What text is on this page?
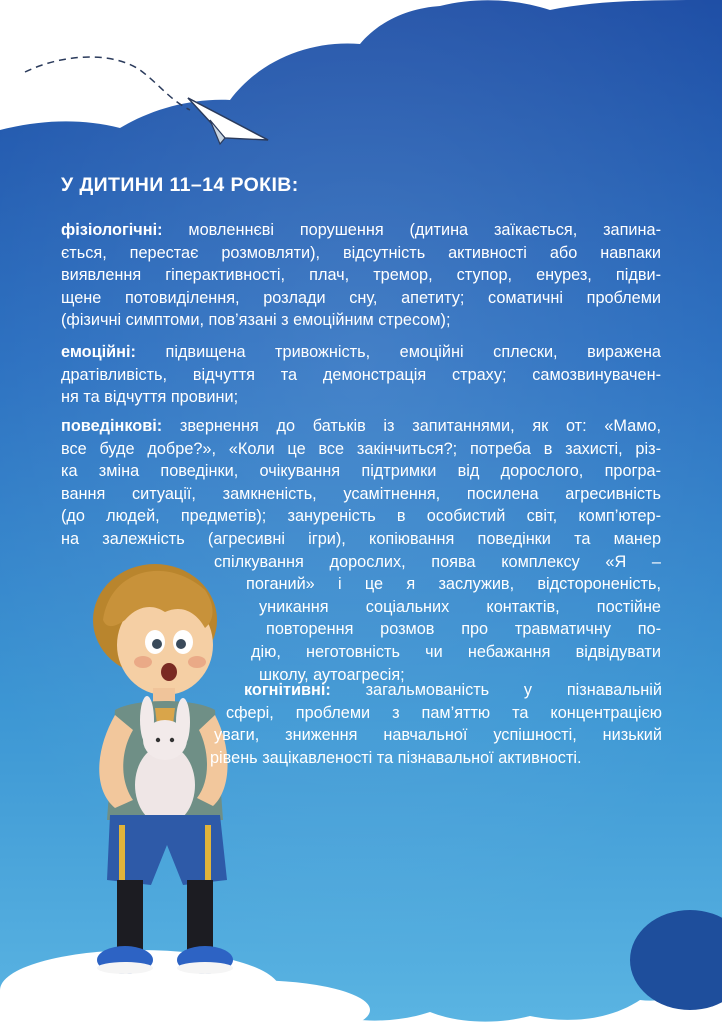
У ДИТИНИ 11–14 РОКІВ:

фізіологічні: мовленнєві порушення (дитина заїкається, запина-
ється, перестає розмовляти), відсутність активності або навпаки
виявлення гіперактивності, плач, тремор, ступор, енурез, підви-
щене потовиділення, розлади сну, апетиту; соматичні проблеми
(фізичні симптоми, пов’язані з емоційним стресом);

емоційні: підвищена тривожність, емоційні сплески, виражена
дратівливість, відчуття та демонстрація страху; самозвинувачен-
ня та відчуття провини;

поведінкові: звернення до батьків із запитаннями, як от: «Мамо,
все буде добре?», «Коли це все закінчиться?; потреба в захисті, різ-
ка зміна поведінки, очікування підтримки від дорослого, програ-
вання ситуації, замкненість, усамітнення, посилена агресивність
(до людей, предметів); зануреність в особистий світ, комп’ютер-
на залежність (агресивні ігри), копіювання поведінки та манер
спілкування дорослих, поява комплексу «Я –
поганий» і це я заслужив, відстороненість,
уникання соціальних контактів, постійне
повторення розмов про травматичну по-
дію, неготовність чи небажання відвідувати
школу, аутоагресія;

когнітивні: загальмованість у пізнавальній
сфері, проблеми з пам’яттю та концентрацією
уваги, зниження навчальної успішності, низький
рівень зацікавленості та пізнавальної активності.
